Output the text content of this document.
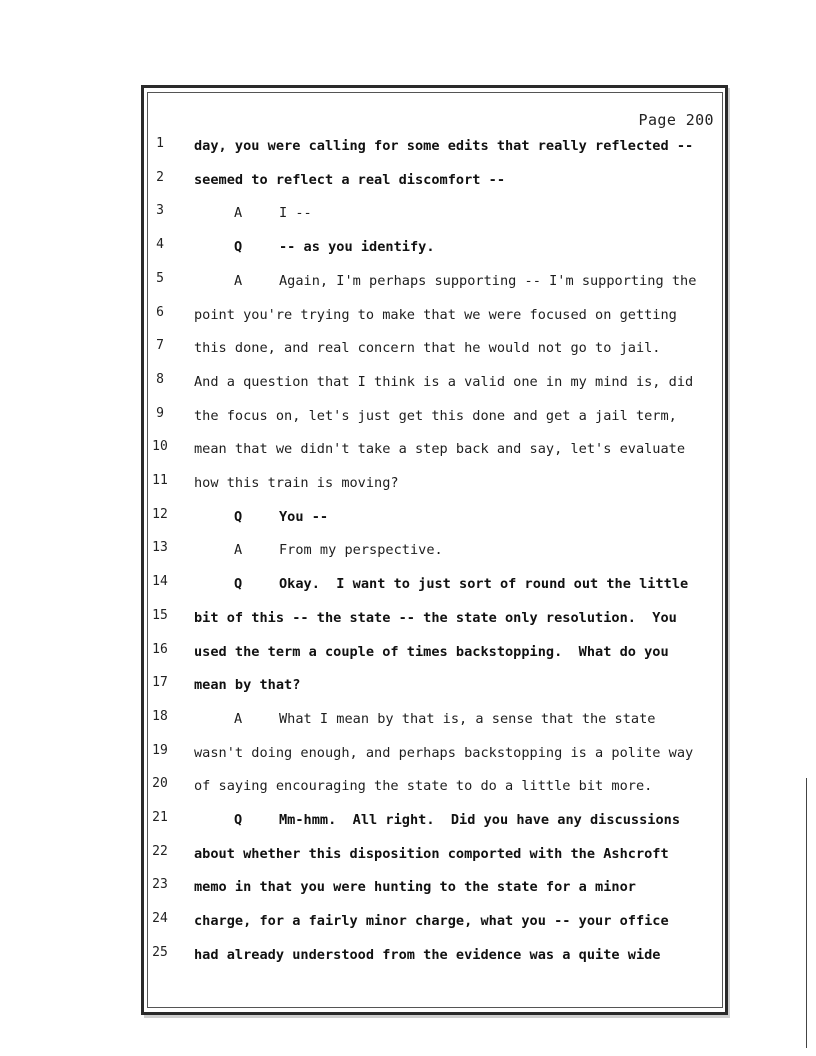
Page 200
1	day, you were calling for some edits that really reflected --
2	seemed to reflect a real discomfort --
3	A	I --
4	Q	-- as you identify.
5	A	Again, I'm perhaps supporting -- I'm supporting the
6	point you're trying to make that we were focused on getting
7	this done, and real concern that he would not go to jail.
8	And a question that I think is a valid one in my mind is, did
9	the focus on, let's just get this done and get a jail term,
10	mean that we didn't take a step back and say, let's evaluate
11	how this train is moving?
12	Q	You --
13	A	From my perspective.
14	Q	Okay.  I want to just sort of round out the little
15	bit of this -- the state -- the state only resolution.  You
16	used the term a couple of times backstopping.  What do you
17	mean by that?
18	A	What I mean by that is, a sense that the state
19	wasn't doing enough, and perhaps backstopping is a polite way
20	of saying encouraging the state to do a little bit more.
21	Q	Mm-hmm.  All right.  Did you have any discussions
22	about whether this disposition comported with the Ashcroft
23	memo in that you were hunting to the state for a minor
24	charge, for a fairly minor charge, what you -- your office
25	had already understood from the evidence was a quite wide
